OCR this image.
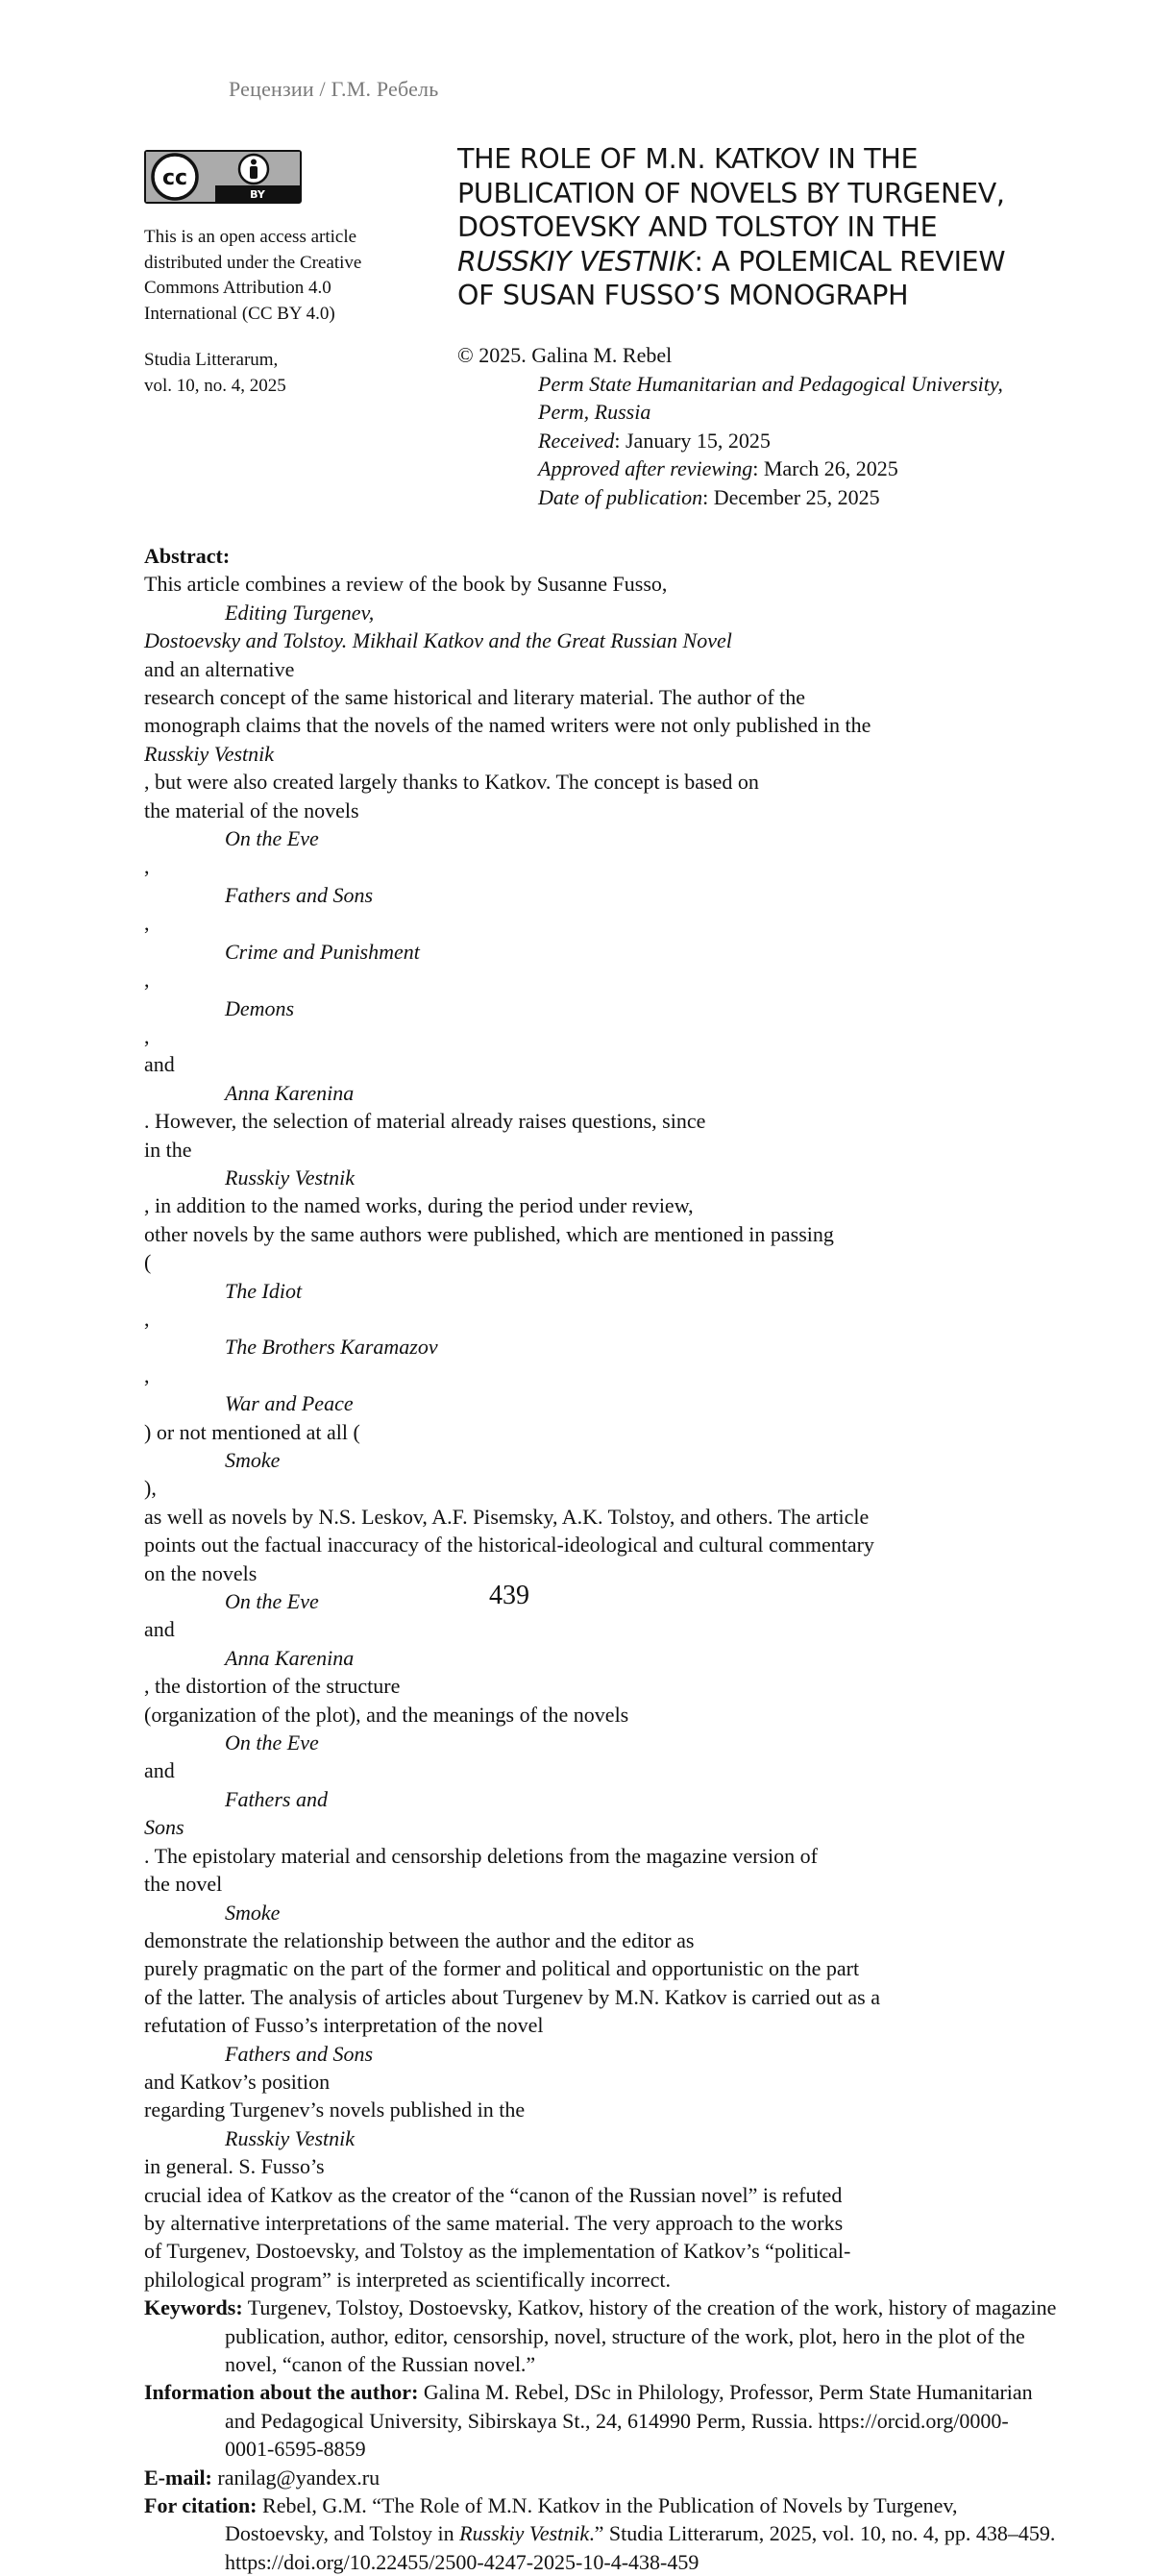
Рецензии / Г.М. Ребель
cc
BY
This is an open access article
distributed under the Creative
Commons Attribution 4.0
International (CC BY 4.0)
Studia Litterarum,
vol. 10, no. 4, 2025
THE ROLE OF M.N. KATKOV IN THE
PUBLICATION OF NOVELS BY TURGENEV,
DOSTOEVSKY AND TOLSTOY IN THE
RUSSKIY VESTNIK: A POLEMICAL REVIEW
OF SUSAN FUSSO’S MONOGRAPH
© 2025. Galina M. Rebel
Perm State Humanitarian and Pedagogical University,
Perm, Russia
Received: January 15, 2025
Approved after reviewing: March 26, 2025
Date of publication: December 25, 2025
Abstract:
This article combines a review of the book by Susanne Fusso,
Editing Turgenev,
Dostoevsky and Tolstoy. Mikhail Katkov and the Great Russian Novel
and an alternative
research concept of the same historical and literary material. The author of the
monograph claims that the novels of the named writers were not only published in the
Russkiy Vestnik
, but were also created largely thanks to Katkov. The concept is based on
the material of the novels
On the Eve
,
Fathers and Sons
,
Crime and Punishment
,
Demons
,
and
Anna Karenina
. However, the selection of material already raises questions, since
in the
Russkiy Vestnik
, in addition to the named works, during the period under review,
other novels by the same authors were published, which are mentioned in passing
(
The Idiot
,
The Brothers Karamazov
,
War and Peace
) or not mentioned at all (
Smoke
),
as well as novels by N.S. Leskov, A.F. Pisemsky, A.K. Tolstoy, and others. The article
points out the factual inaccuracy of the historical-ideological and cultural commentary
on the novels
On the Eve
and
Anna Karenina
, the distortion of the structure
(organization of the plot), and the meanings of the novels
On the Eve
and
Fathers and
Sons
. The epistolary material and censorship deletions from the magazine version of
the novel
Smoke
demonstrate the relationship between the author and the editor as
purely pragmatic on the part of the former and political and opportunistic on the part
of the latter. The analysis of articles about Turgenev by M.N. Katkov is carried out as a
refutation of Fusso’s interpretation of the novel
Fathers and Sons
and Katkov’s position
regarding Turgenev’s novels published in the
Russkiy Vestnik
in general. S. Fusso’s
crucial idea of Katkov as the creator of the “canon of the Russian novel” is refuted
by alternative interpretations of the same material. The very approach to the works
of Turgenev, Dostoevsky, and Tolstoy as the implementation of Katkov’s “political-
philological program” is interpreted as scientifically incorrect.

Keywords: Turgenev, Tolstoy, Dostoevsky, Katkov, history of the creation of the work, history of magazine publication, author, editor, censorship, novel, structure of the work, plot, hero in the plot of the novel, “canon of the Russian novel.”

Information about the author: Galina M. Rebel, DSc in Philology, Professor, Perm State Humanitarian and Pedagogical University, Sibirskaya St., 24, 614990 Perm, Russia. https://orcid.org/0000-0001-6595-8859

E-mail: ranilag@yandex.ru

For citation: Rebel, G.M. “The Role of M.N. Katkov in the Publication of Novels by Turgenev, Dostoevsky, and Tolstoy in Russkiy Vestnik.” Studia Litterarum, 2025, vol. 10, no. 4, pp. 438–459. https://doi.org/10.22455/2500-4247-2025-10-4-438-459

439
